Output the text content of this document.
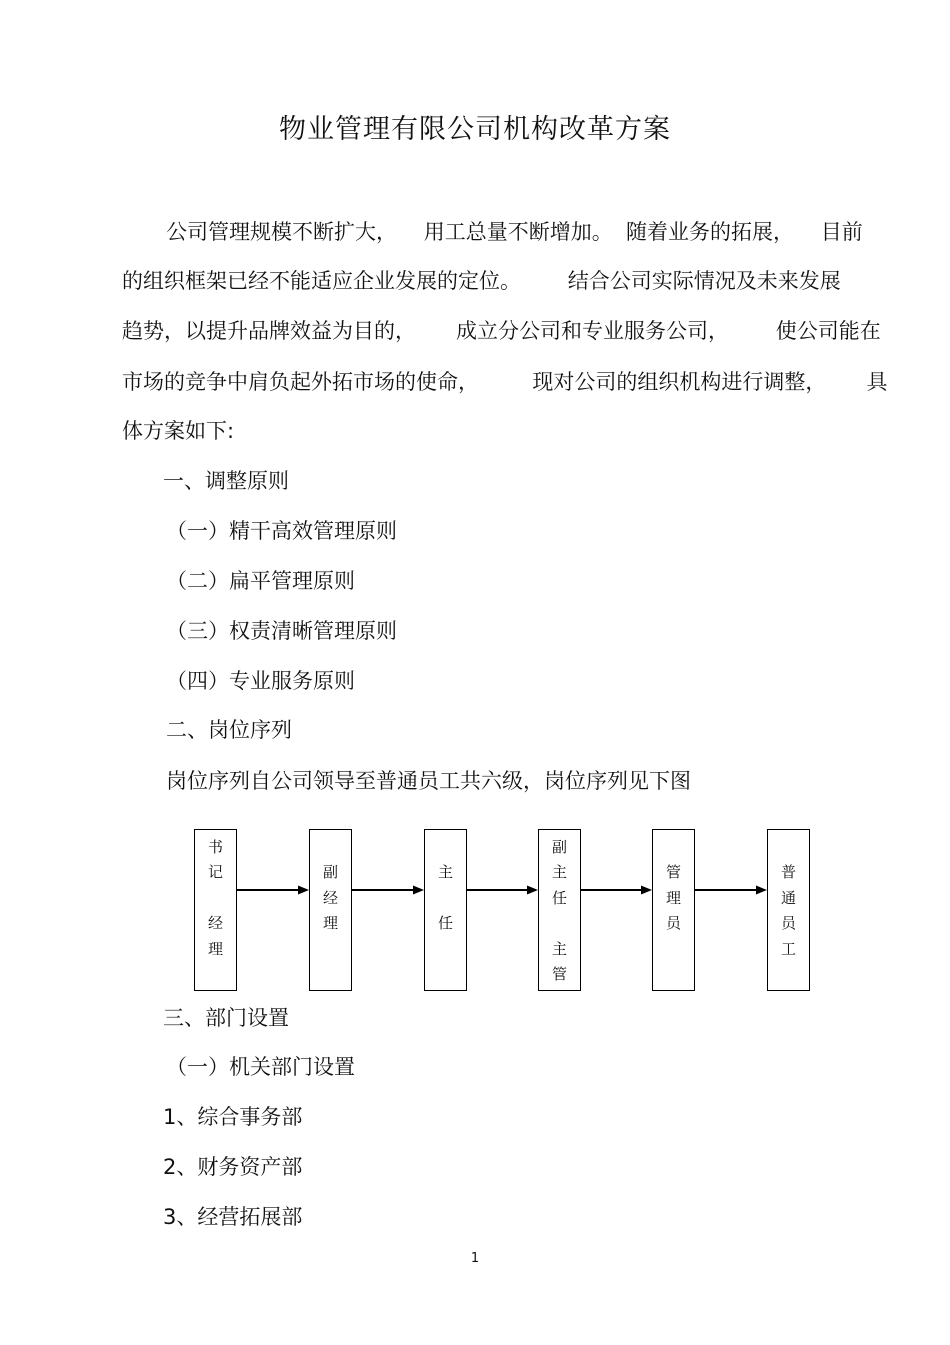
物业管理有限公司机构改革方案
公司管理规模不断扩大，    用工总量不断增加。  随着业务的拓展，    目前
的组织框架已经不能适应企业发展的定位。       结合公司实际情况及未来发展
趋势，以提升品牌效益为目的，      成立分公司和专业服务公司，       使公司能在
市场的竞争中肩负起外拓市场的使命，        现对公司的组织机构进行调整，      具
体方案如下:
一、调整原则
（一）精干高效管理原则
（二）扁平管理原则
（三）权责清晰管理原则
（四）专业服务原则
二、岗位序列
岗位序列自公司领导至普通员工共六级，岗位序列见下图
书
记

经
理

副
经
理

主

任

副
主
任

主
管

管
理
员

普
通
员
工
三、部门设置
（一）机关部门设置
1、综合事务部
2、财务资产部
3、经营拓展部
1
